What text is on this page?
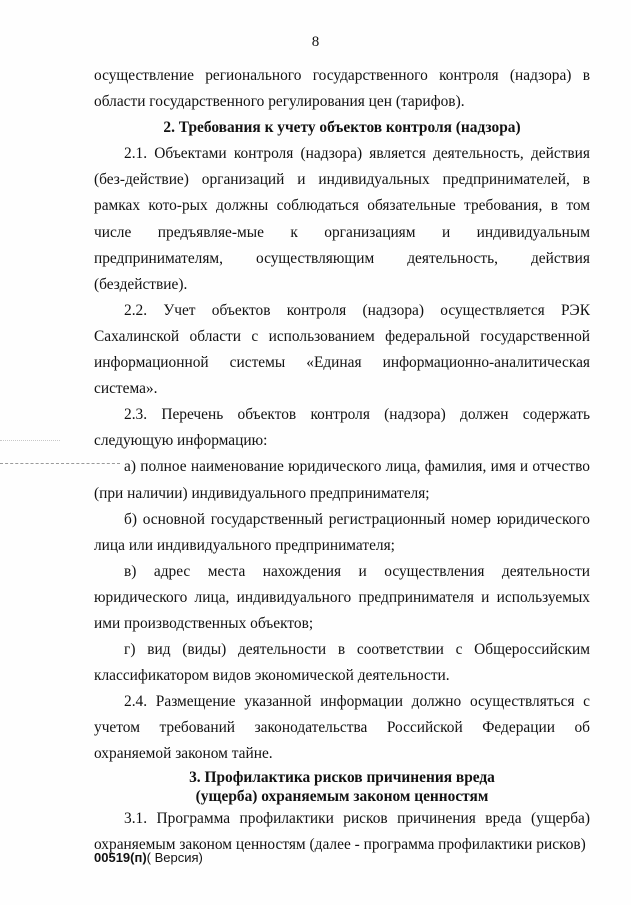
8

осуществление регионального государственного контроля (надзора) в области государственного регулирования цен (тарифов).

2. Требования к учету объектов контроля (надзора)

2.1. Объектами контроля (надзора) является деятельность, действия (без-действие) организаций и индивидуальных предпринимателей, в рамках кото-рых должны соблюдаться обязательные требования, в том числе предъявляе-мые к организациям и индивидуальным предпринимателям, осуществляющим деятельность, действия (бездействие).

2.2. Учет объектов контроля (надзора) осуществляется РЭК Сахалинской области с использованием федеральной государственной информационной системы «Единая информационно-аналитическая система».

2.3. Перечень объектов контроля (надзора) должен содержать следующую информацию:

а) полное наименование юридического лица, фамилия, имя и отчество (при наличии) индивидуального предпринимателя;

б) основной государственный регистрационный номер юридического лица или индивидуального предпринимателя;

в) адрес места нахождения и осуществления деятельности юридического лица, индивидуального предпринимателя и используемых ими производственных объектов;

г) вид (виды) деятельности в соответствии с Общероссийским классификатором видов экономической деятельности.

2.4. Размещение указанной информации должно осуществляться с учетом требований законодательства Российской Федерации об охраняемой законом тайне.

3. Профилактика рисков причинения вреда
(ущерба) охраняемым законом ценностям

3.1. Программа профилактики рисков причинения вреда (ущерба) охраняемым законом ценностям (далее - программа профилактики рисков)

00519(п)( Версия)
